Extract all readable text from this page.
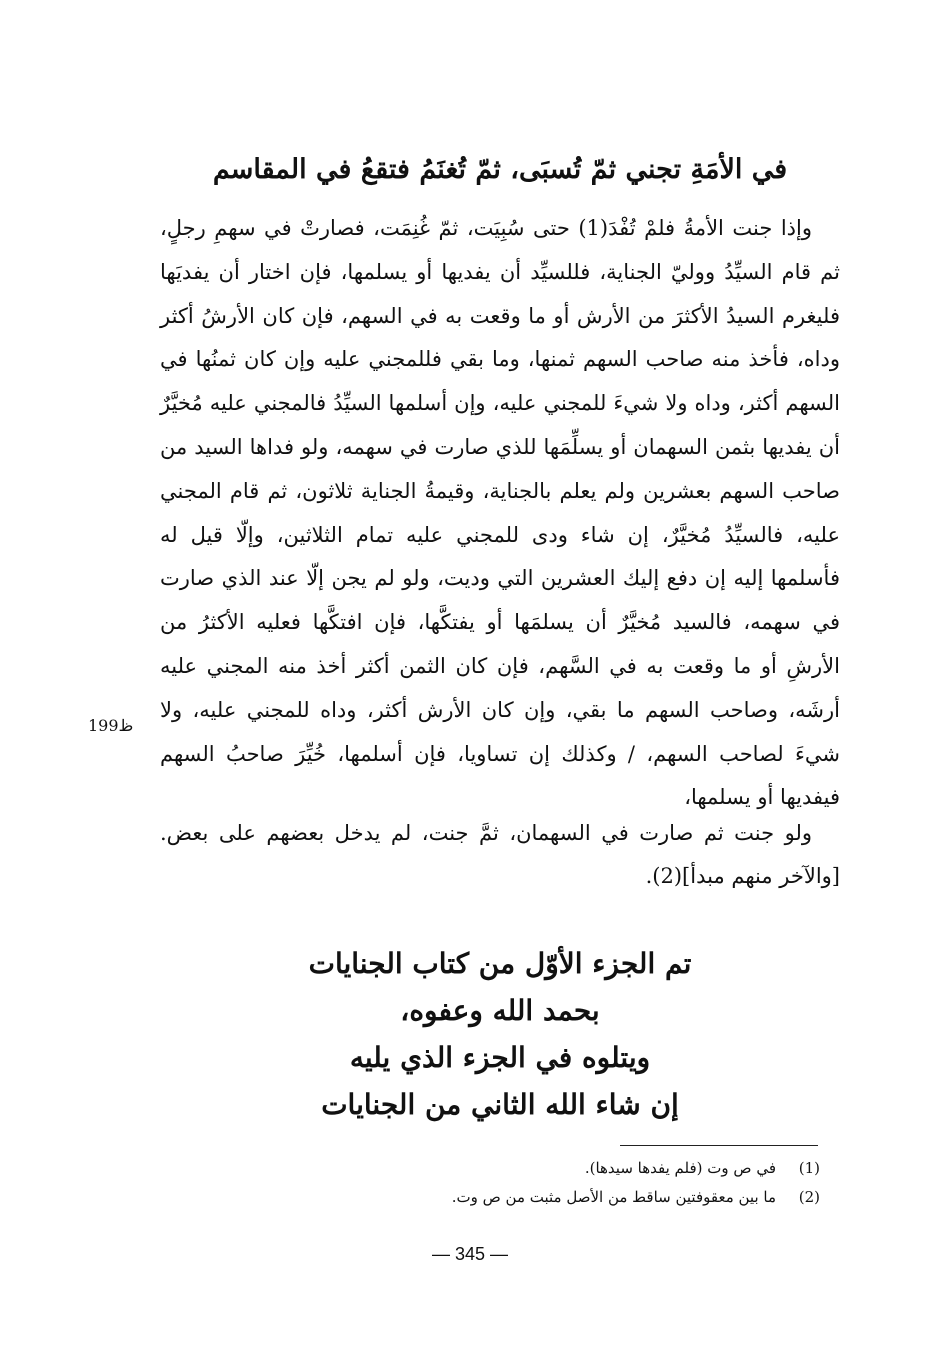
في الأمَةِ تجني ثمّ تُسبَى، ثمّ تُغنَمُ فتقعُ في المقاسم

وإذا جنت الأمةُ فلمْ تُفْدَ(1) حتى سُبِيَت، ثمّ غُنِمَت، فصارتْ في سهمِ رجلٍ، ثم قام السيِّدُ ووليّ الجناية، فللسيِّد أن يفديها أو يسلمها، فإن اختار أن يفديَها فليغرم السيدُ الأكثرَ من الأرش أو ما وقعت به في السهم، فإن كان الأرشُ أكثر وداه، فأخذ منه صاحب السهم ثمنها، وما بقي فللمجني عليه وإن كان ثمنُها في السهم أكثر، وداه ولا شيءَ للمجني عليه، وإن أسلمها السيِّدُ فالمجني عليه مُخيَّرٌ أن يفديها بثمن السهمان أو يسلِّمَها للذي صارت في سهمه، ولو فداها السيد من صاحب السهم بعشرين ولم يعلم بالجناية، وقيمةُ الجناية ثلاثون، ثم قام المجني عليه، فالسيِّدُ مُخيَّرٌ، إن شاء ودى للمجني عليه تمام الثلاثين، وإلّا قيل له فأسلمها إليه إن دفع إليك العشرين التي وديت، ولو لم يجن إلّا عند الذي صارت في سهمه، فالسيد مُخيَّرٌ أن يسلمَها أو يفتكَّها، فإن افتكَّها فعليه الأكثرُ من الأرشِ أو ما وقعت به في السَّهم، فإن كان الثمن أكثر أخذ منه المجني عليه أرشَه، وصاحب السهم ما بقي، وإن كان الأرش أكثر، وداه للمجني عليه، ولا شيءَ لصاحب السهم، / وكذلك إن تساويا، فإن أسلمها، خُيِّرَ صاحبُ السهم فيفديها أو يسلمها،

199ظ

ولو جنت ثم صارت في السهمان، ثمَّ جنت، لم يدخل بعضهم على بعض. [والآخر منهم مبدأ](2).

تم الجزء الأوّل من كتاب الجنايات
بحمد الله وعفوه،
ويتلوه في الجزء الذي يليه
إن شاء الله الثاني من الجنايات
(1)
في ص وت (فلم يفدها سيدها).
(2)
ما بين معقوفتين ساقط من الأصل مثبت من ص وت.
— 345 —
